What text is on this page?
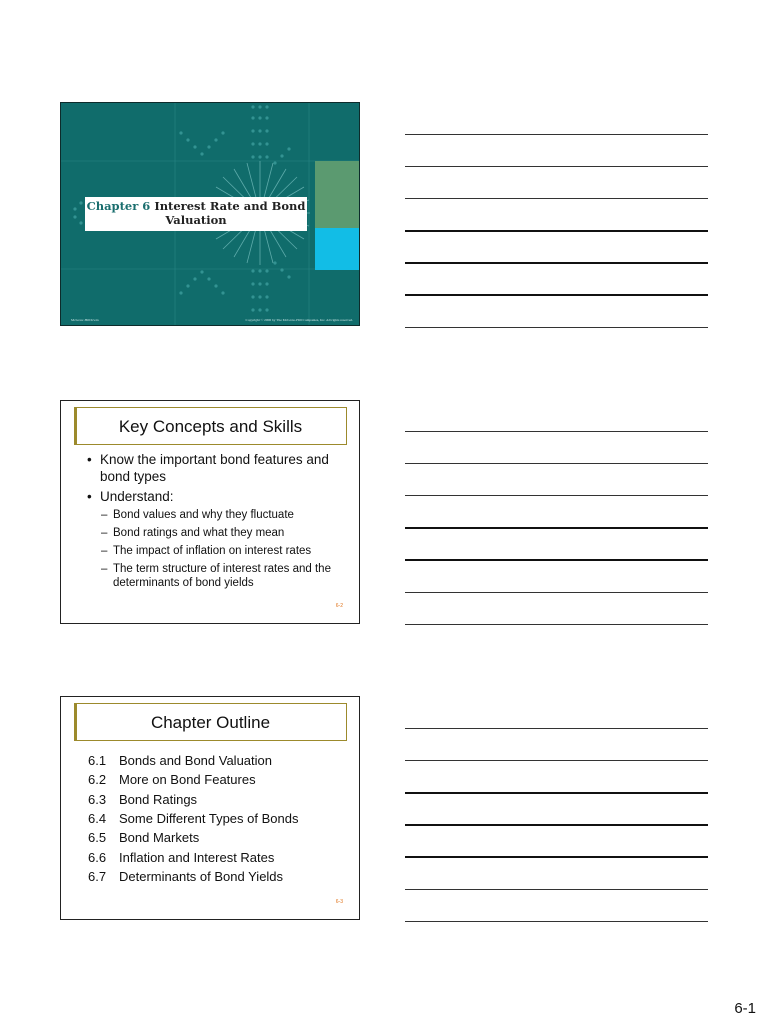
Chapter 6 Interest Rate and Bond Valuation
McGraw-Hill/Irwin	Copyright © 2006 by The McGraw-Hill Companies, Inc. All rights reserved.
Key Concepts and Skills
• Know the important bond features and bond types
• Understand:
– Bond values and why they fluctuate
– Bond ratings and what they mean
– The impact of inflation on interest rates
– The term structure of interest rates and the determinants of bond yields
6-2
Chapter Outline
6.1 Bonds and Bond Valuation
6.2 More on Bond Features
6.3 Bond Ratings
6.4 Some Different Types of Bonds
6.5 Bond Markets
6.6 Inflation and Interest Rates
6.7 Determinants of Bond Yields
6-3
6-1
